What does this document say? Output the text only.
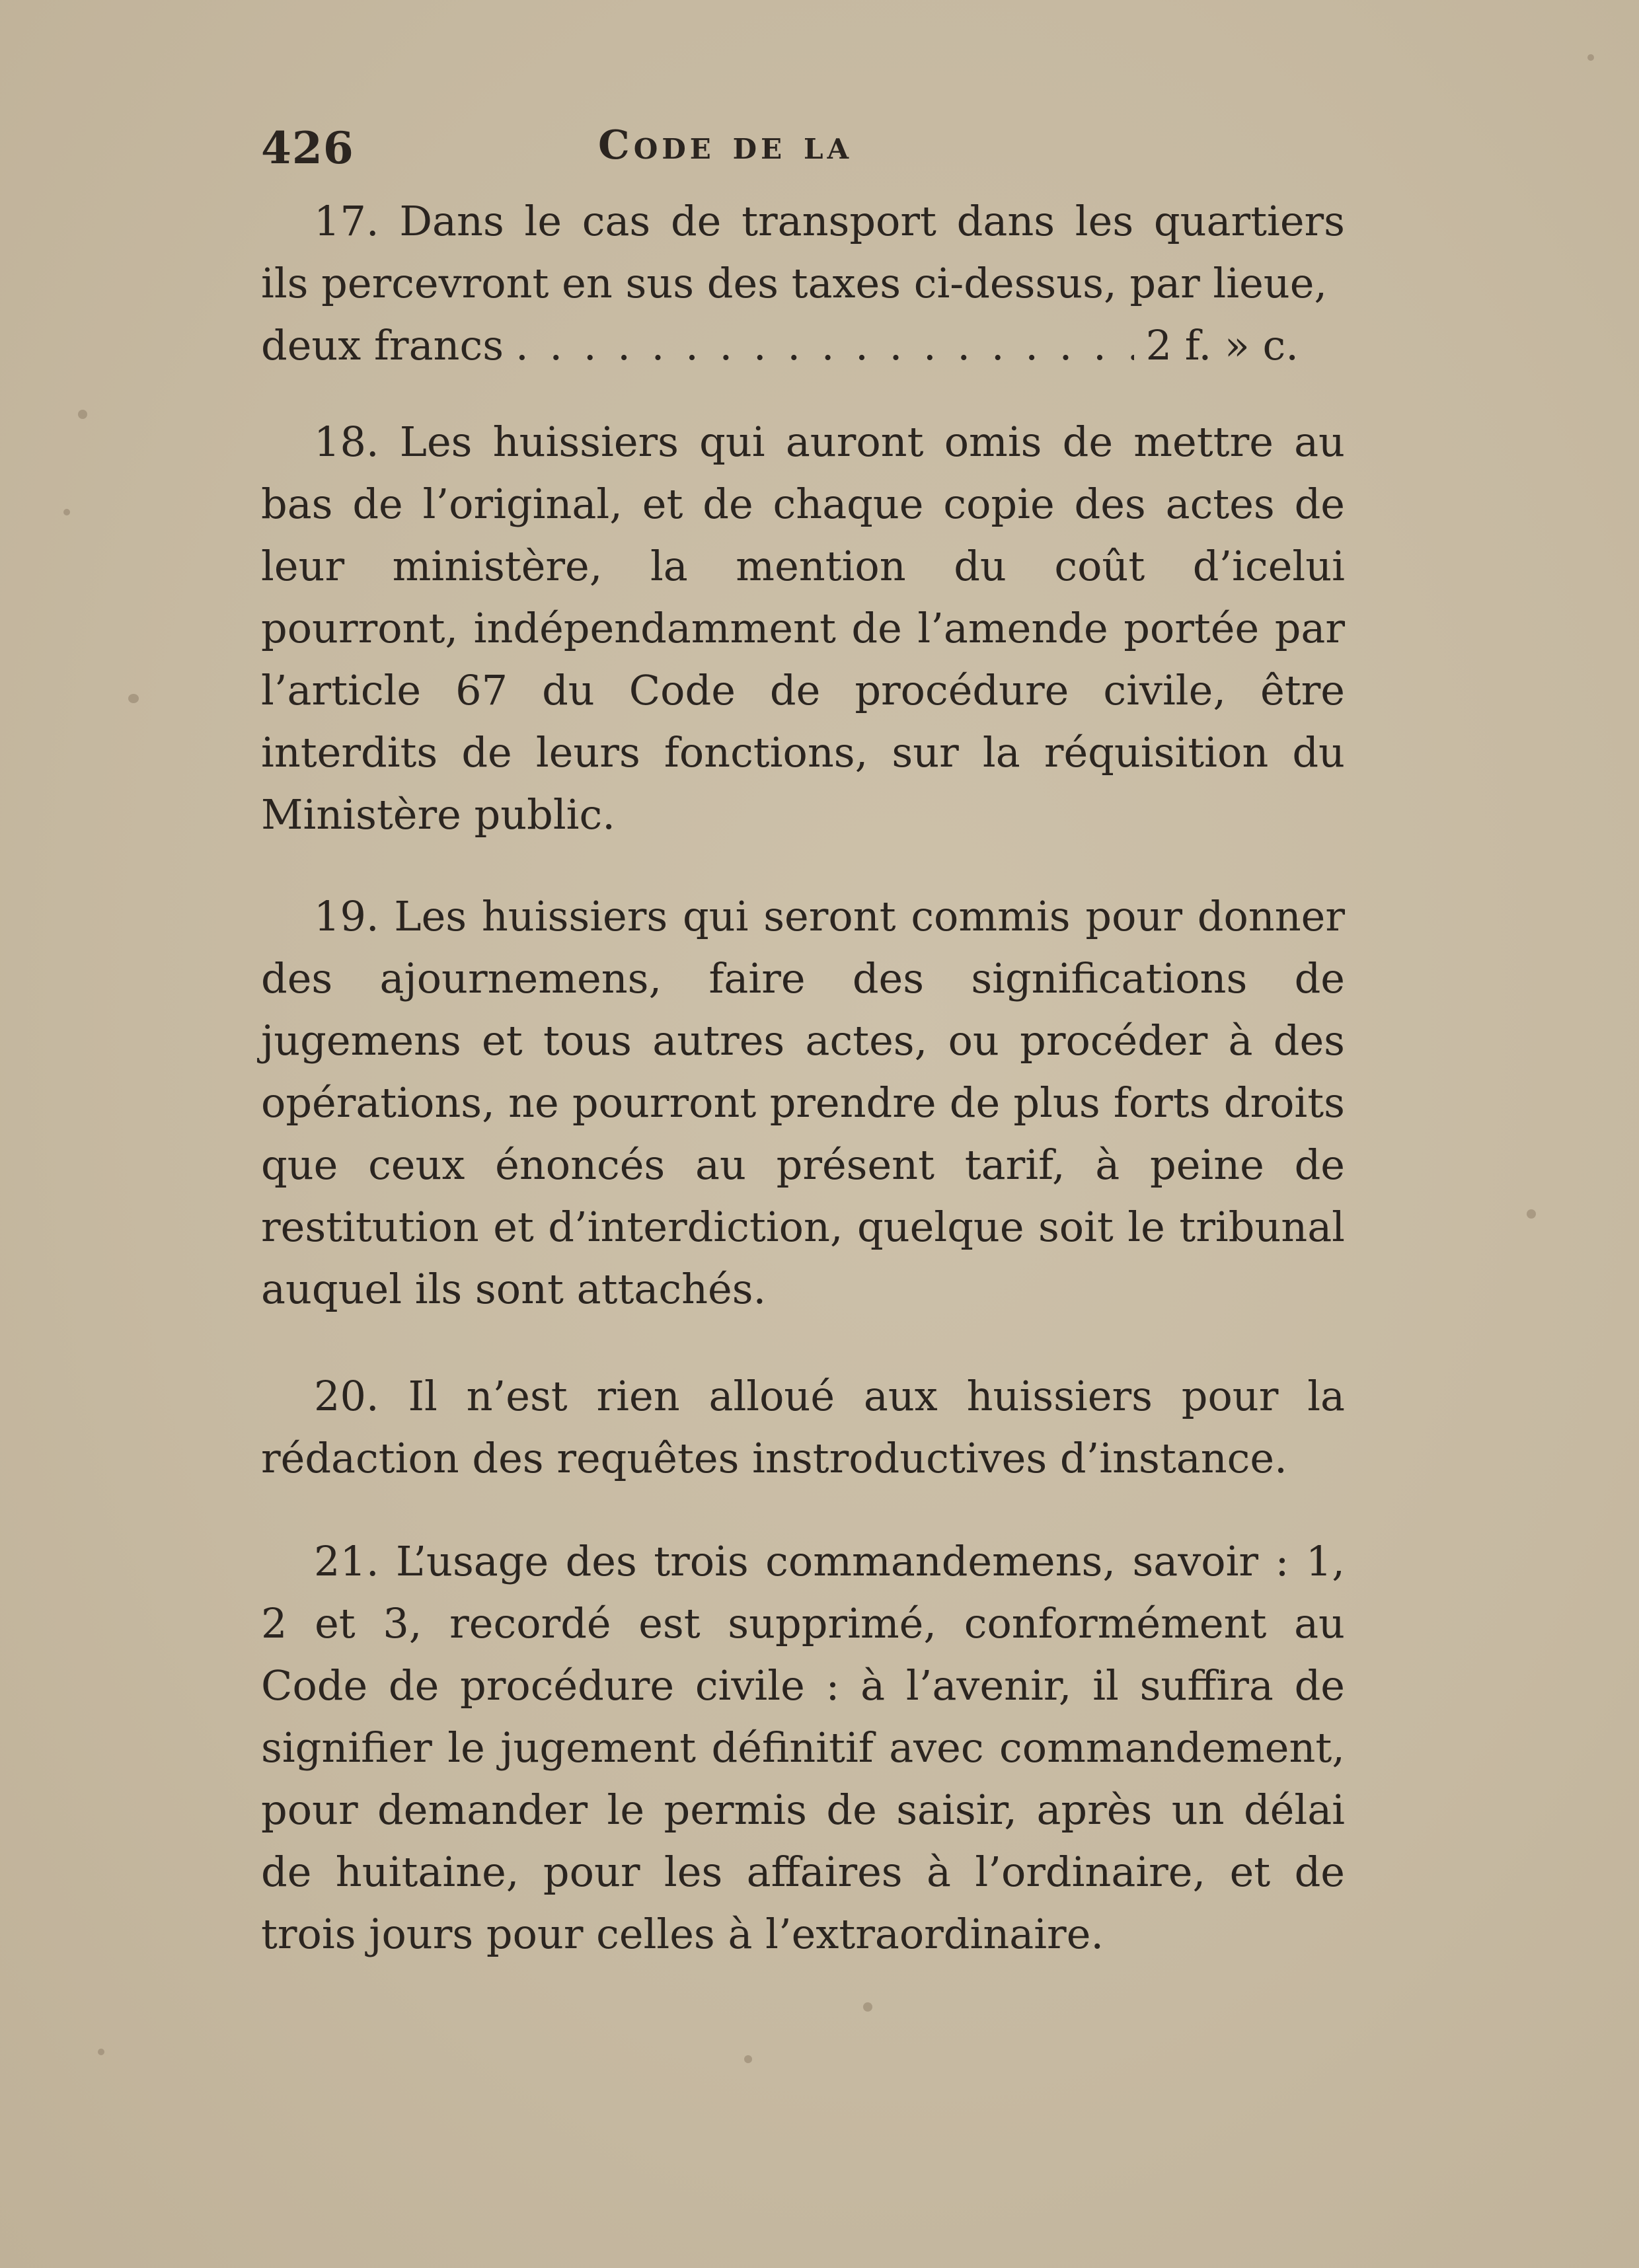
426	Code de la

17. Dans le cas de transport dans les quartiers ils percevront en sus des taxes ci-dessus, par lieue,

deux francs
. . .	2 f. » c.

18. Les huissiers qui auront omis de mettre au bas de l’original, et de chaque copie des actes de leur ministère, la mention du coût d’icelui pourront, indépendamment de l’amende portée par l’article 67 du Code de procédure civile, être interdits de leurs fonctions, sur la réquisition du Ministère public.

19. Les huissiers qui seront commis pour donner des ajournemens, faire des significations de jugemens et tous autres actes, ou procéder à des opérations, ne pourront prendre de plus forts droits que ceux énoncés au présent tarif, à peine de restitution et d’interdiction, quelque soit le tribunal auquel ils sont attachés.

20. Il n’est rien alloué aux huissiers pour la rédaction des requêtes instroductives d’instance.

21. L’usage des trois commandemens, savoir : 1, 2 et 3, recordé est supprimé, conformément au Code de procédure civile : à l’avenir, il suffira de signifier le jugement définitif avec commandement, pour demander le permis de saisir, après un délai de huitaine, pour les affaires à l’ordinaire, et de trois jours pour celles à l’extraordinaire.
